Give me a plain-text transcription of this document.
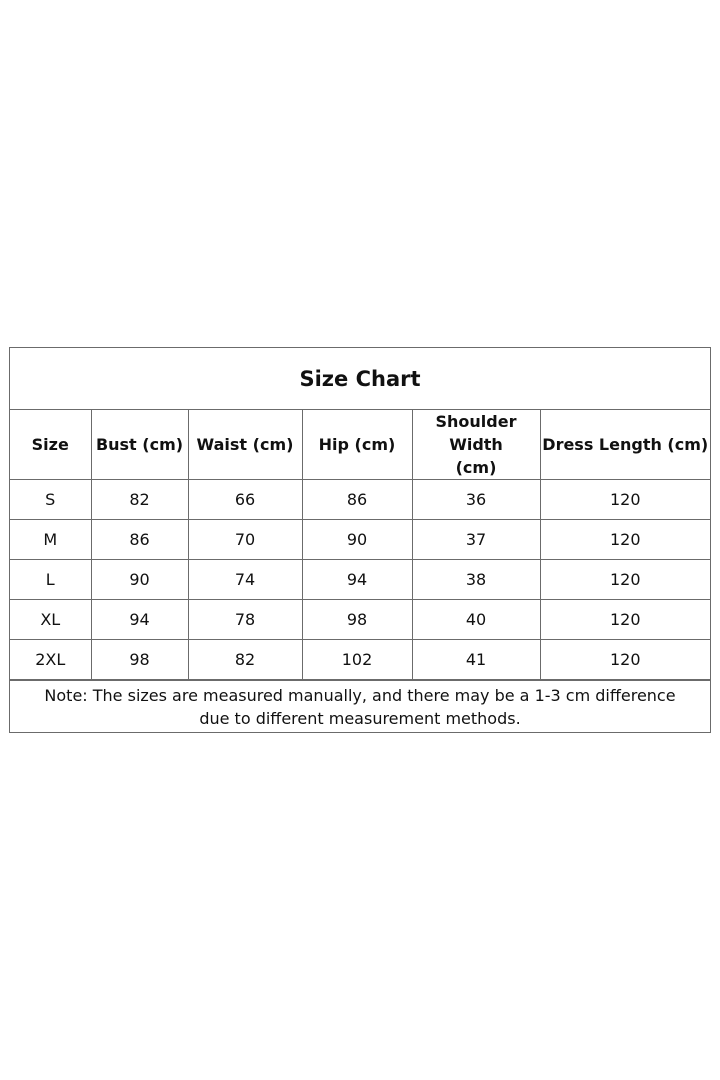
Size Chart
Size	Bust (cm)	Waist (cm)	Hip (cm)	Shoulder Width (cm)	Dress Length (cm)
S	82	66	86	36	120
M	86	70	90	37	120
L	90	74	94	38	120
XL	94	78	98	40	120
2XL	98	82	102	41	120
Note: The sizes are measured manually, and there may be a 1-3 cm difference due to different measurement methods.
